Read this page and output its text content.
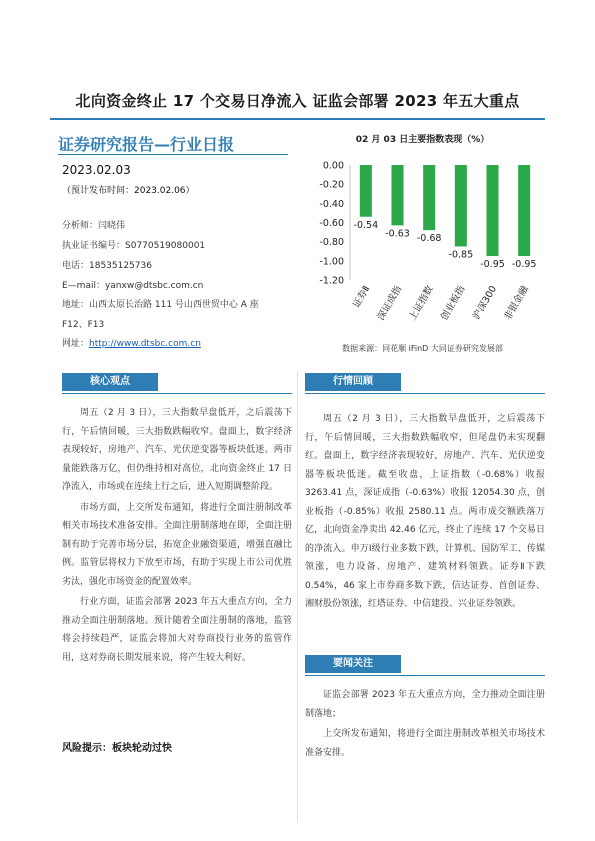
北向资金终止 17 个交易日净流入 证监会部署 2023 年五大重点
证券研究报告—行业日报
2023.02.03
（预计发布时间：2023.02.06）
分析师：闫晓伟
执业证书编号：S0770519080001
电话：18535125736
E—mail：yanxw@dtsbc.com.cn
地址：山西太原长治路 111 号山西世贸中心 A 座
F12、F13
网址：http://www.dtsbc.com.cn
02 月 03 日主要指数表现（%）
0.00
-0.20
-0.40
-0.60
-0.80
-1.00
-1.20
-0.54
证券Ⅱ
-0.63
深证成指
-0.68
上证指数
-0.85
创业板指
-0.95
沪深300
-0.95
非银金融
数据来源：同花顺 iFinD 大同证券研究发展部
核心观点

周五（2 月 3 日），三大指数早盘低开，之后震荡下行，午后情回暖，三大指数跌幅收窄。盘面上，数字经济表现较好，房地产、汽车、光伏逆变器等板块低迷。两市量能跌落万亿，但仍维持相对高位，北向资金终止 17 日净流入，市场或在连续上行之后，进入短期调整阶段。

市场方面，上交所发布通知，将进行全面注册制改革相关市场技术准备安排。全面注册制落地在即，全面注册制有助于完善市场分层，拓宽企业融资渠道，增强直融比例。监管层将权力下放至市场，有助于实现上市公司优胜劣汰，强化市场资金的配置效率。

行业方面，证监会部署 2023 年五大重点方向，全力推动全面注册制落地。预计随着全面注册制的落地，监管将会持续趋严，证监会将加大对券商投行业务的监管作用，这对券商长期发展来说，将产生较大利好。

风险提示：板块轮动过快
行情回顾

周五（2 月 3 日），三大指数早盘低开，之后震荡下行，午后情回暖，三大指数跌幅收窄，但尾盘仍未实现翻红。盘面上，数字经济表现较好，房地产、汽车、光伏逆变器等板块低迷。截至收盘，上证指数（-0.68%）收报 3263.41 点，深证成指（-0.63%）收报 12054.30 点，创业板指（-0.85%）收报 2580.11 点。两市成交额跌落万亿，北向资金净卖出 42.46 亿元，终止了连续 17 个交易日的净流入。申万Ⅰ级行业多数下跌，计算机、国防军工、传媒领涨，电力设备、房地产、建筑材料领跌。证券Ⅱ下跌 0.54%，46 家上市券商多数下跌，信达证券、首创证券、湘财股份领涨，红塔证券、中信建投、兴业证券领跌。

要闻关注

证监会部署 2023 年五大重点方向，全力推动全面注册制落地；

上交所发布通知，将进行全面注册制改革相关市场技术准备安排。
